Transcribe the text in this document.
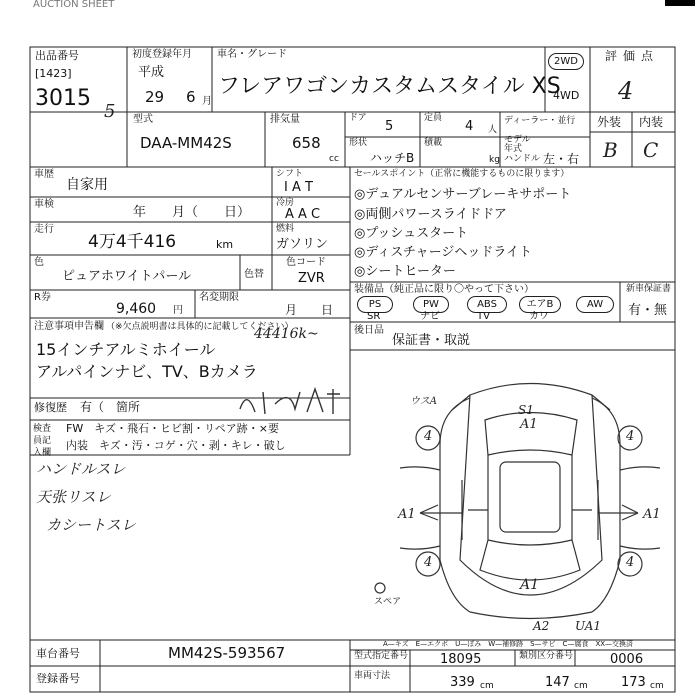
AUCTION SHEET
出品番号
[1423]
3015
5
初度登録年月
平成
29 6 月
車名・グレード
フレアワゴンカスタムスタイル XS
2WD
4WD
評価点
4
外装 内装
B C
型式
DAA-MM42S
排気量
658
cc
ドア
5
定員
4 人
ディーラー・並行
モデル年式
形状
ハッチB
積載
kg ハンドル 左・右
車歴
自家用
車検
年　　月（　　日）
走行
4万4千416	km
色
ピュアホワイトパール	色替
色コード
ZVR
R券
9,460 円
名変期限
月　　日
シフト
I A T
冷房
A A C
燃料
ガソリン
セールスポイント（正常に機能するものに限ります）
◎デュアルセンサーブレーキサポート
◎両側パワースライドドア
◎プッシュスタート
◎ディスチャージヘッドライト
◎シートヒーター
装備品（純正品に限り〇やって下さい）
PS	PW	ABS	エアB	AW
SR	ナビ	TV	カワ
新車保証書
有・無
後日品
保証書・取説
注意事項申告欄 （※欠点説明書は具体的に記載してください）
44416k~
15インチアルミホイール
アルパインナビ、TV、Bカメラ
修復歴 有（　箇所
検査員記入欄
FW　キズ・飛石・ヒビ割・リペア跡・×要
内装　キズ・汚・コゲ・穴・剥・キレ・破し
ハンドルスレ
天张リスレ
カシートスレ
ウスA
S1
A1
4	4
A1	A1
4	4
A1
スペア
A2 UA1
A—キズ　E—エクボ　U—ぼみ　W—補修跡　S—サビ　C—腐食　XX—交換済
車台番号	MM42S-593567
登録番号
型式指定番号 18095	類別区分番号	0006
車両寸法	339 cm	147 cm	173 cm
